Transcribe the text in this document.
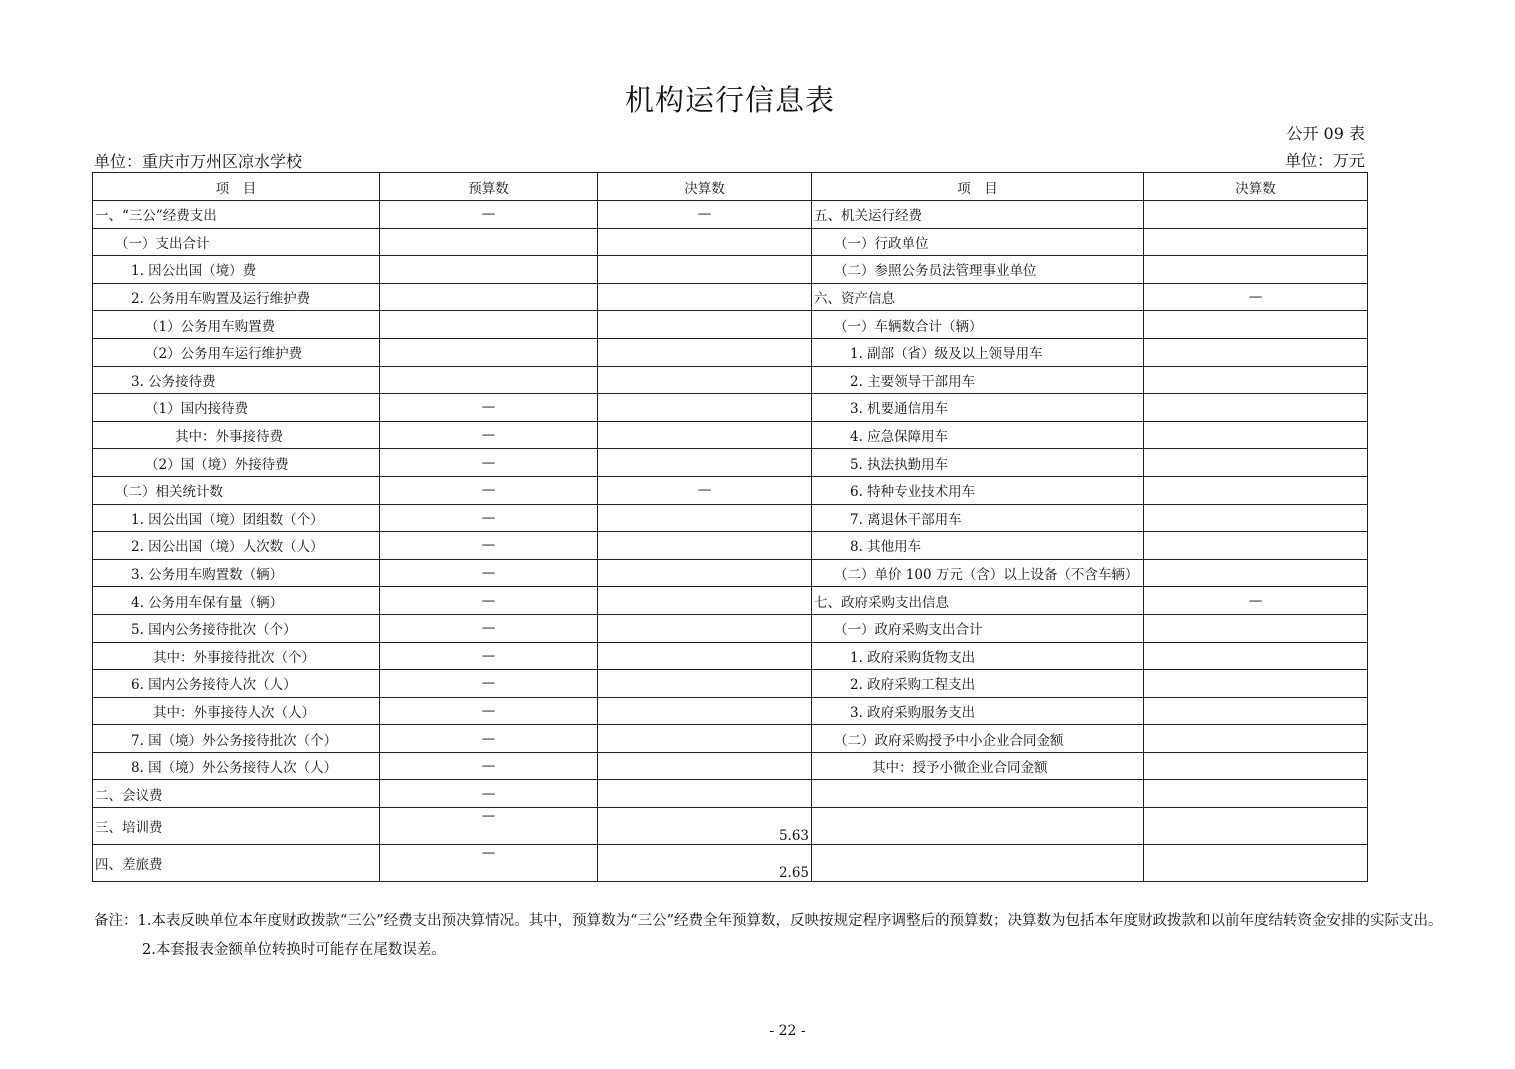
机构运行信息表
公开 09 表
单位：重庆市万州区凉水学校	单位：万元
项　目	预算数	决算数	项　目	决算数
一、“三公”经费支出	—	—	五、机关运行经费	
（一）支出合计			（一）行政单位	
1. 因公出国（境）费			（二）参照公务员法管理事业单位	
2. 公务用车购置及运行维护费			六、资产信息	—
（1）公务用车购置费			（一）车辆数合计（辆）	
（2）公务用车运行维护费			1. 副部（省）级及以上领导用车	
3. 公务接待费			2. 主要领导干部用车	
（1）国内接待费	—		3. 机要通信用车	
其中：外事接待费	—		4. 应急保障用车	
（2）国（境）外接待费	—		5. 执法执勤用车	
（二）相关统计数	—	—	6. 特种专业技术用车	
1. 因公出国（境）团组数（个）	—		7. 离退休干部用车	
2. 因公出国（境）人次数（人）	—		8. 其他用车	
3. 公务用车购置数（辆）	—		（二）单价 100 万元（含）以上设备（不含车辆）	
4. 公务用车保有量（辆）	—		七、政府采购支出信息	—
5. 国内公务接待批次（个）	—		（一）政府采购支出合计	
其中：外事接待批次（个）	—		1. 政府采购货物支出	
6. 国内公务接待人次（人）	—		2. 政府采购工程支出	
其中：外事接待人次（人）	—		3. 政府采购服务支出	
7. 国（境）外公务接待批次（个）	—		（二）政府采购授予中小企业合同金额	
8. 国（境）外公务接待人次（人）	—		其中：授予小微企业合同金额	
二、会议费	—			
三、培训费	—	5.63		
四、差旅费	—	2.65		
备注：1.本表反映单位本年度财政拨款“三公”经费支出预决算情况。其中，预算数为“三公”经费全年预算数，反映按规定程序调整后的预算数；决算数为包括本年度财政拨款和以前年度结转资金安排的实际支出。
2.本套报表金额单位转换时可能存在尾数误差。
- 22 -
